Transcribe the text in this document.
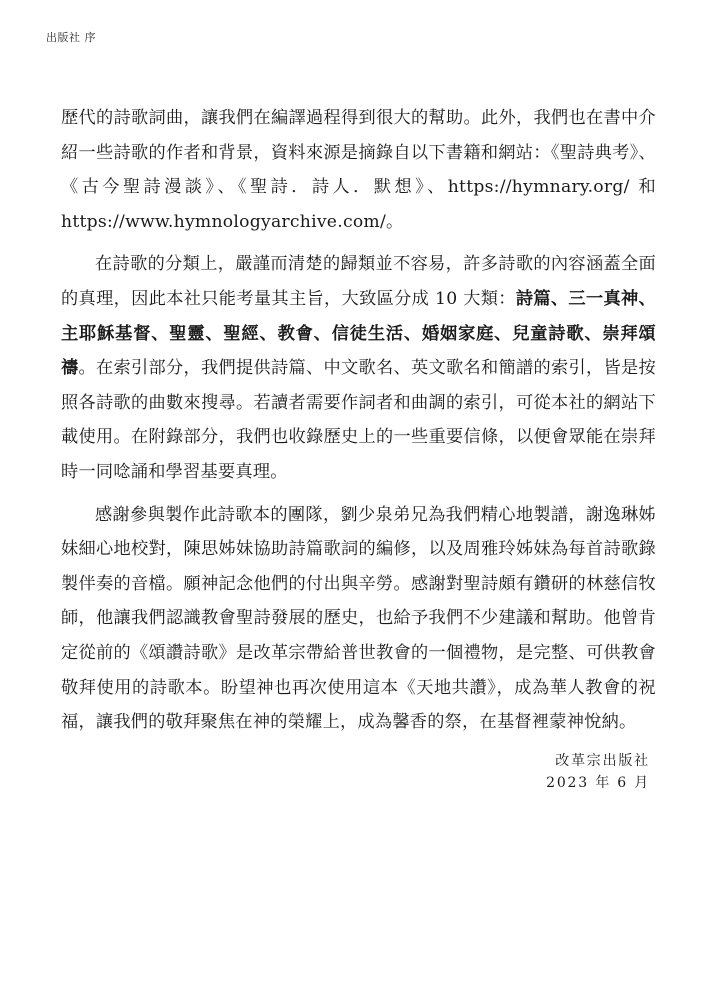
出版社 序

歷代的詩歌詞曲，讓我們在編譯過程得到很大的幫助。此外，我們也在書中介紹一些詩歌的作者和背景，資料來源是摘錄自以下書籍和網站：《聖詩典考》、《古今聖詩漫談》、《聖詩．詩人．默想》、https://hymnary.org/ 和 https://www.hymnologyarchive.com/。

在詩歌的分類上，嚴謹而清楚的歸類並不容易，許多詩歌的內容涵蓋全面的真理，因此本社只能考量其主旨，大致區分成 10 大類：詩篇、三一真神、主耶穌基督、聖靈、聖經、教會、信徒生活、婚姻家庭、兒童詩歌、崇拜頌禱。在索引部分，我們提供詩篇、中文歌名、英文歌名和簡譜的索引，皆是按照各詩歌的曲數來搜尋。若讀者需要作詞者和曲調的索引，可從本社的網站下載使用。在附錄部分，我們也收錄歷史上的一些重要信條，以便會眾能在崇拜時一同唸誦和學習基要真理。

感謝參與製作此詩歌本的團隊，劉少泉弟兄為我們精心地製譜，謝逸琳姊妹細心地校對，陳思姊妹協助詩篇歌詞的編修，以及周雅玲姊妹為每首詩歌錄製伴奏的音檔。願神記念他們的付出與辛勞。感謝對聖詩頗有鑽研的林慈信牧師，他讓我們認識教會聖詩發展的歷史，也給予我們不少建議和幫助。他曾肯定從前的《頌讚詩歌》是改革宗帶給普世教會的一個禮物，是完整、可供教會敬拜使用的詩歌本。盼望神也再次使用這本《天地共讚》，成為華人教會的祝福，讓我們的敬拜聚焦在神的榮耀上，成為馨香的祭，在基督裡蒙神悅納。

改革宗出版社
2023 年 6 月
